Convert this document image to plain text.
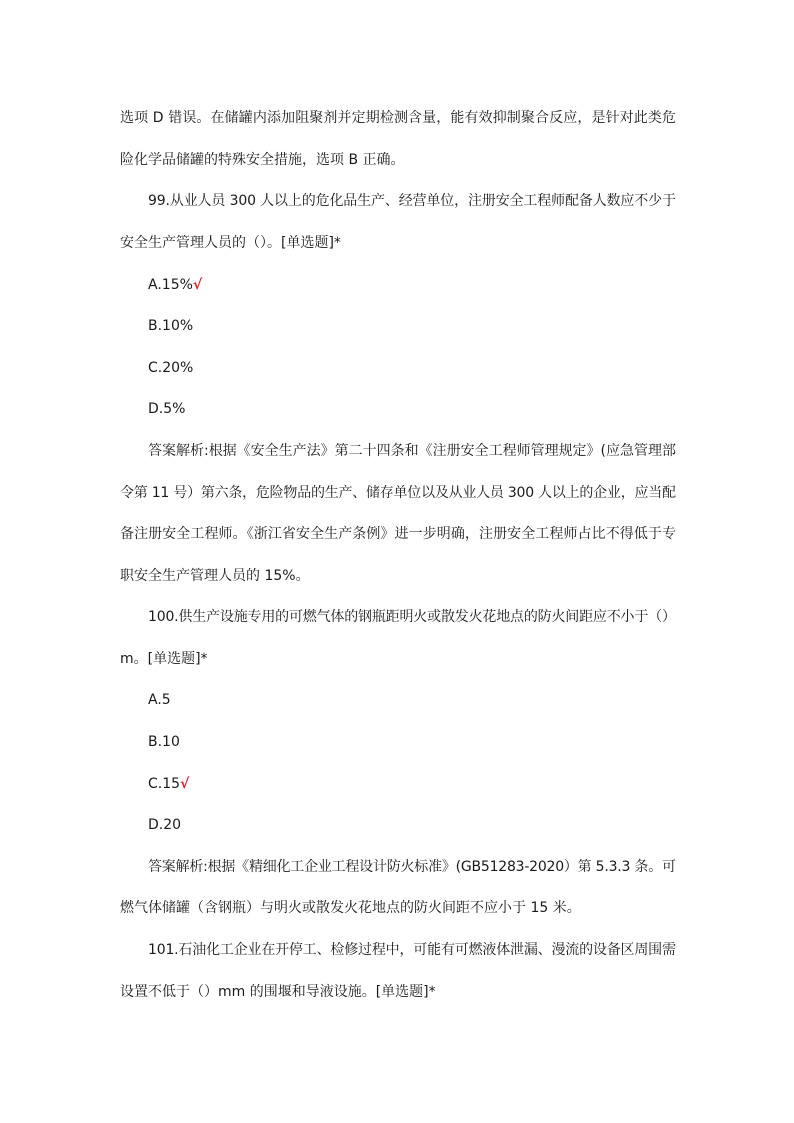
选项 D 错误。在储罐内添加阻聚剂并定期检测含量，能有效抑制聚合反应，是针对此类危
险化学品储罐的特殊安全措施，选项 B 正确。
99.从业人员 300 人以上的危化品生产、经营单位，注册安全工程师配备人数应不少于
安全生产管理人员的（）。[单选题]*
A.15%√
B.10%
C.20%
D.5%
答案解析:根据《安全生产法》第二十四条和《注册安全工程师管理规定》(应急管理部
令第 11 号）第六条，危险物品的生产、储存单位以及从业人员 300 人以上的企业，应当配
备注册安全工程师。《浙江省安全生产条例》进一步明确，注册安全工程师占比不得低于专
职安全生产管理人员的 15%。
100.供生产设施专用的可燃气体的钢瓶距明火或散发火花地点的防火间距应不小于（）
m。[单选题]*
A.5
B.10
C.15√
D.20
答案解析:根据《精细化工企业工程设计防火标准》(GB51283-2020）第 5.3.3 条。可
燃气体储罐（含钢瓶）与明火或散发火花地点的防火间距不应小于 15 米。
101.石油化工企业在开停工、检修过程中，可能有可燃液体泄漏、漫流的设备区周围需
设置不低于（）mm 的围堰和导液设施。[单选题]*
